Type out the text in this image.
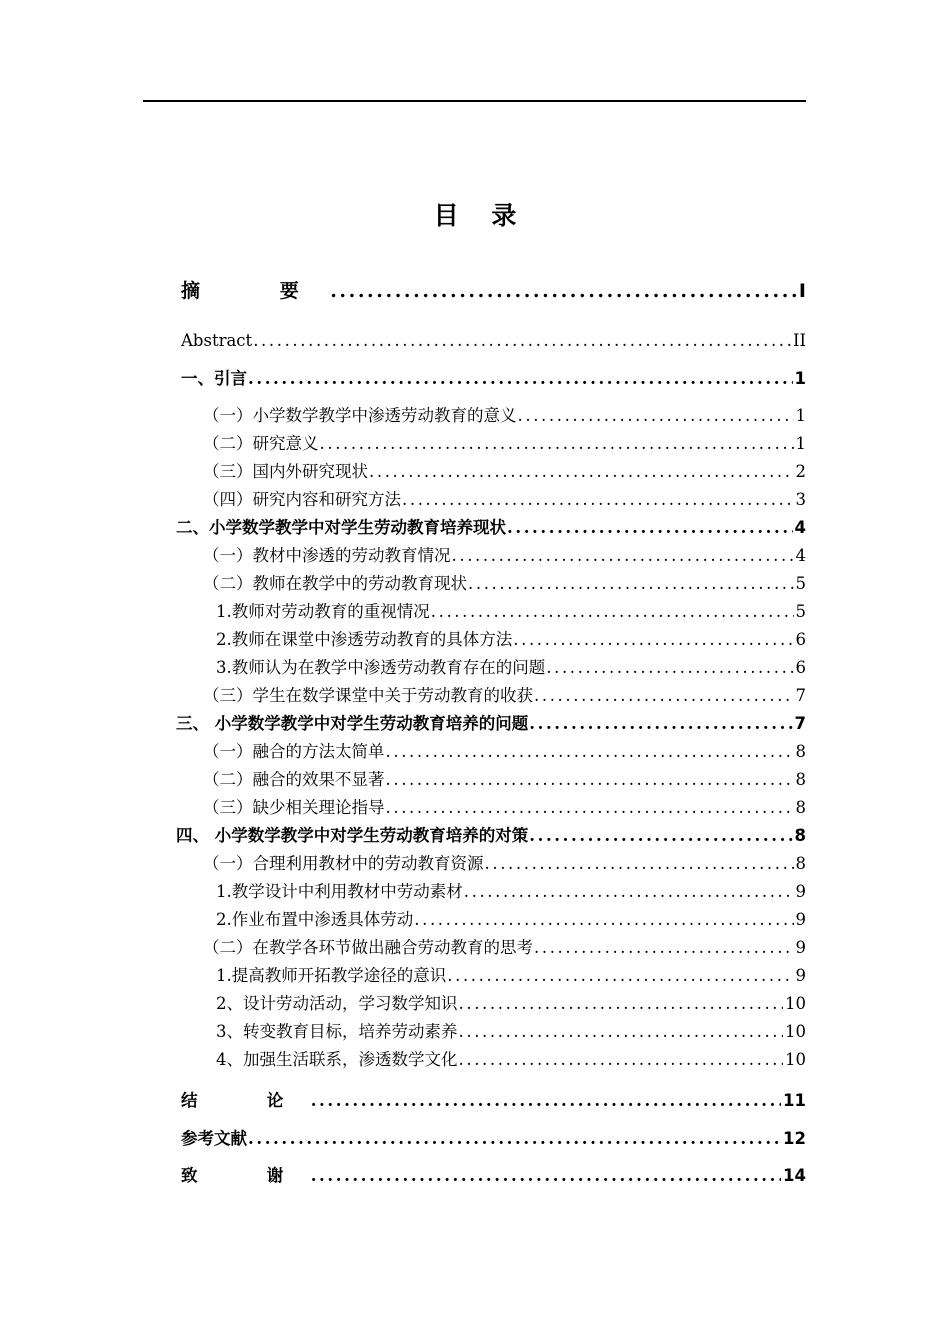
目 录
摘　要 .....	I
Abstract .....	II
一、引言 .....	1
（一）小学数学教学中渗透劳动教育的意义 .....	1
（二）研究意义 .....	1
（三）国内外研究现状 .....	2
（四）研究内容和研究方法 .....	3
二、小学数学教学中对学生劳动教育培养现状 .....	4
（一）教材中渗透的劳动教育情况 .....	4
（二）教师在教学中的劳动教育现状 .....	5
1.教师对劳动教育的重视情况 .....	5
2.教师在课堂中渗透劳动教育的具体方法 .....	6
3.教师认为在教学中渗透劳动教育存在的问题 .....	6
（三）学生在数学课堂中关于劳动教育的收获 .....	7
三、 小学数学教学中对学生劳动教育培养的问题 .....	7
（一）融合的方法太简单 .....	8
（二）融合的效果不显著 .....	8
（三）缺少相关理论指导 .....	8
四、 小学数学教学中对学生劳动教育培养的对策 .....	8
（一）合理利用教材中的劳动教育资源 .....	8
1.教学设计中利用教材中劳动素材 .....	9
2.作业布置中渗透具体劳动 .....	9
（二）在教学各环节做出融合劳动教育的思考 .....	9
1.提高教师开拓教学途径的意识 .....	9
2、设计劳动活动，学习数学知识 .....	10
3、转变教育目标，培养劳动素养 .....	10
4、加强生活联系，渗透数学文化 .....	10
结　论 .....	11
参考文献 .....	12
致　谢 .....	14
